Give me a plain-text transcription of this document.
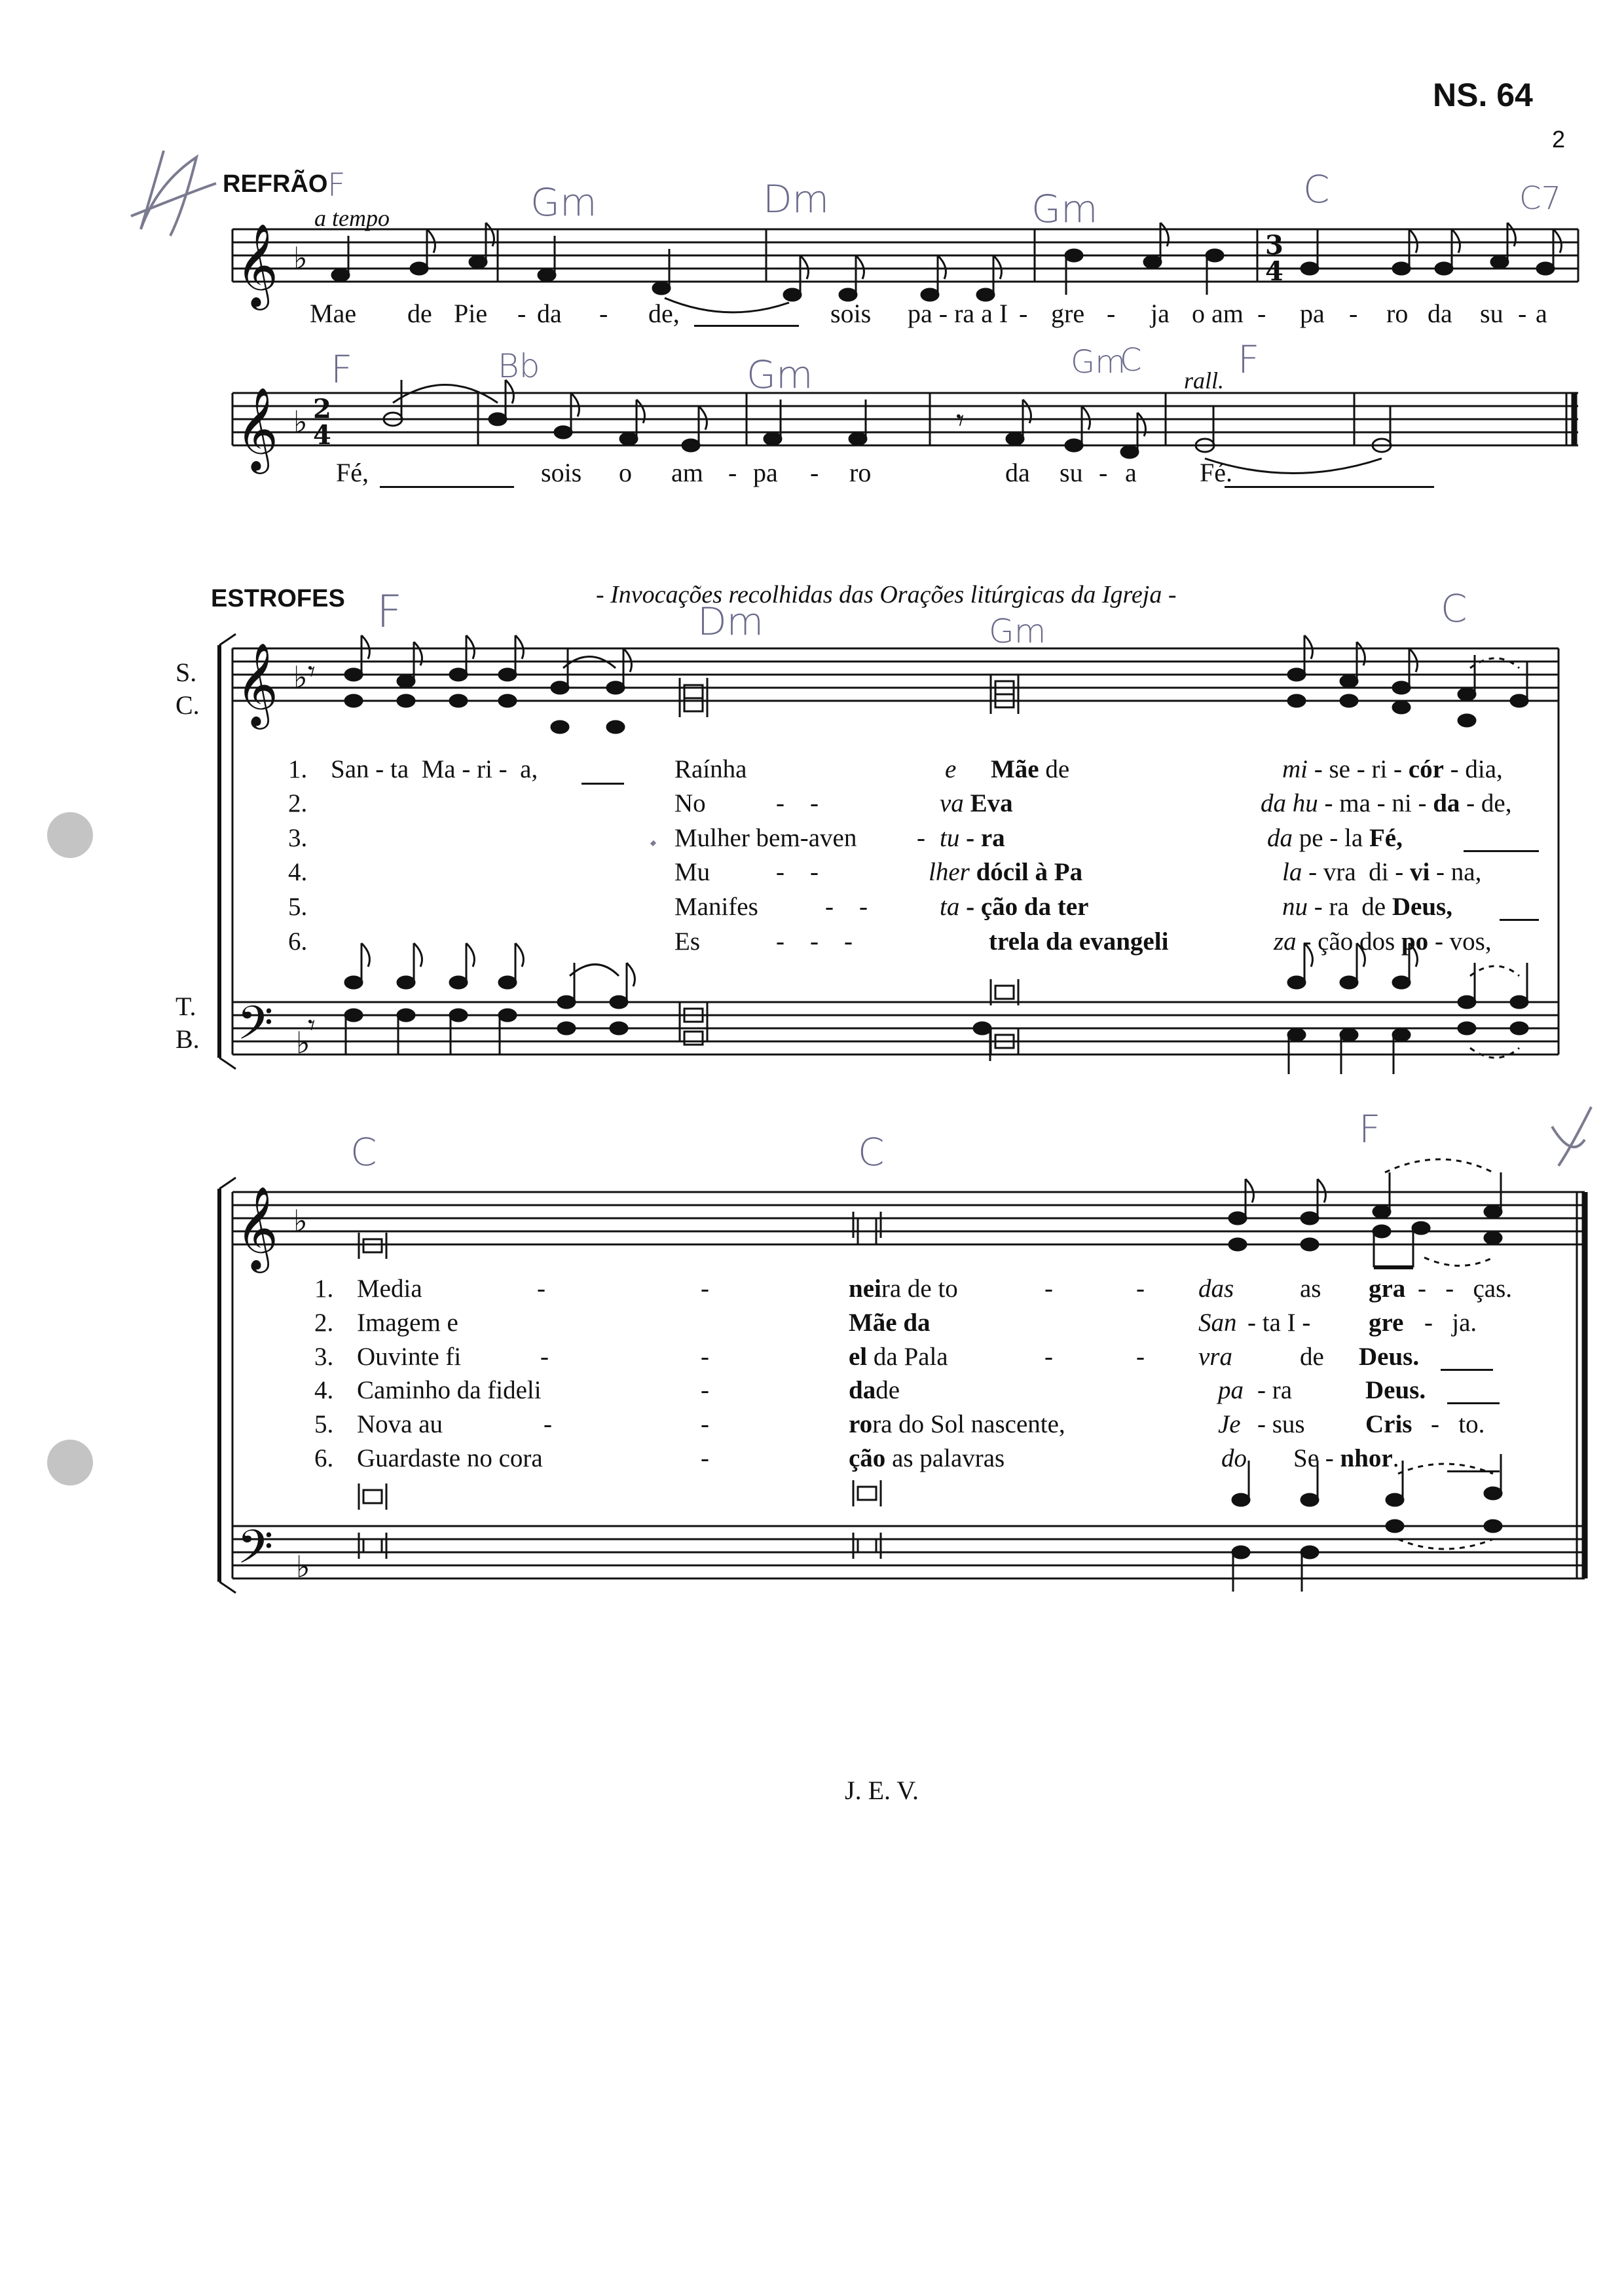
NS. 64
2
𝄞 ♭
𝄞 ♭ 2
4
3
4
𝄞 ♭
𝄢 ♭
𝄞 ♭
𝄢 ♭
𝄾
𝄾
𝄾
REFRÃO
a tempo
rall.
F	Gm	Dm	Gm	C	C7
Mae de Pie - da - de,	sois pa - ra a I - gre - ja o am - pa - ro da su - a
F	Bb	Gm	Gm
C	F
Fé,	sois o am - pa - ro	da su - a Fé.
ESTROFES	- Invocações recolhidas das Orações litúrgicas da Igreja -
S.
C.
T.
B.
F	Dm	Gm
C
1. San - ta  Ma - ri -  a,	Raínha	e Mãe de	mi - se - ri - cór - dia,
2.	No	-    -	va Eva	da hu - ma - ni - da - de,
3.	Mulher bem-aven - tu - ra	da pe - la Fé,
4.	Mu	-    -	lher dócil à Pa	la - vra  di - vi - na,
5.	Manifes	-    -	ta - ção da ter	nu - ra  de Deus,
6.	Es	-    -    -	trela da evangeli	za - ção dos po - vos,
C	C
F
1. Media	-	-	neira de to	-	- das	as gra -   -   ças.
2. Imagem e	Mãe da	San - ta I - gre -   ja.
3. Ouvinte fi	-	-	el da Pala	-	- vra	de Deus.
4. Caminho da fideli	-	dade	pa - ra	Deus.
5. Nova au	-	-	rora do Sol nascente,	Je - sus Cris -   to.
6. Guardaste no cora	-	ção as palavras	do Se - nhor.
J. E. V.
